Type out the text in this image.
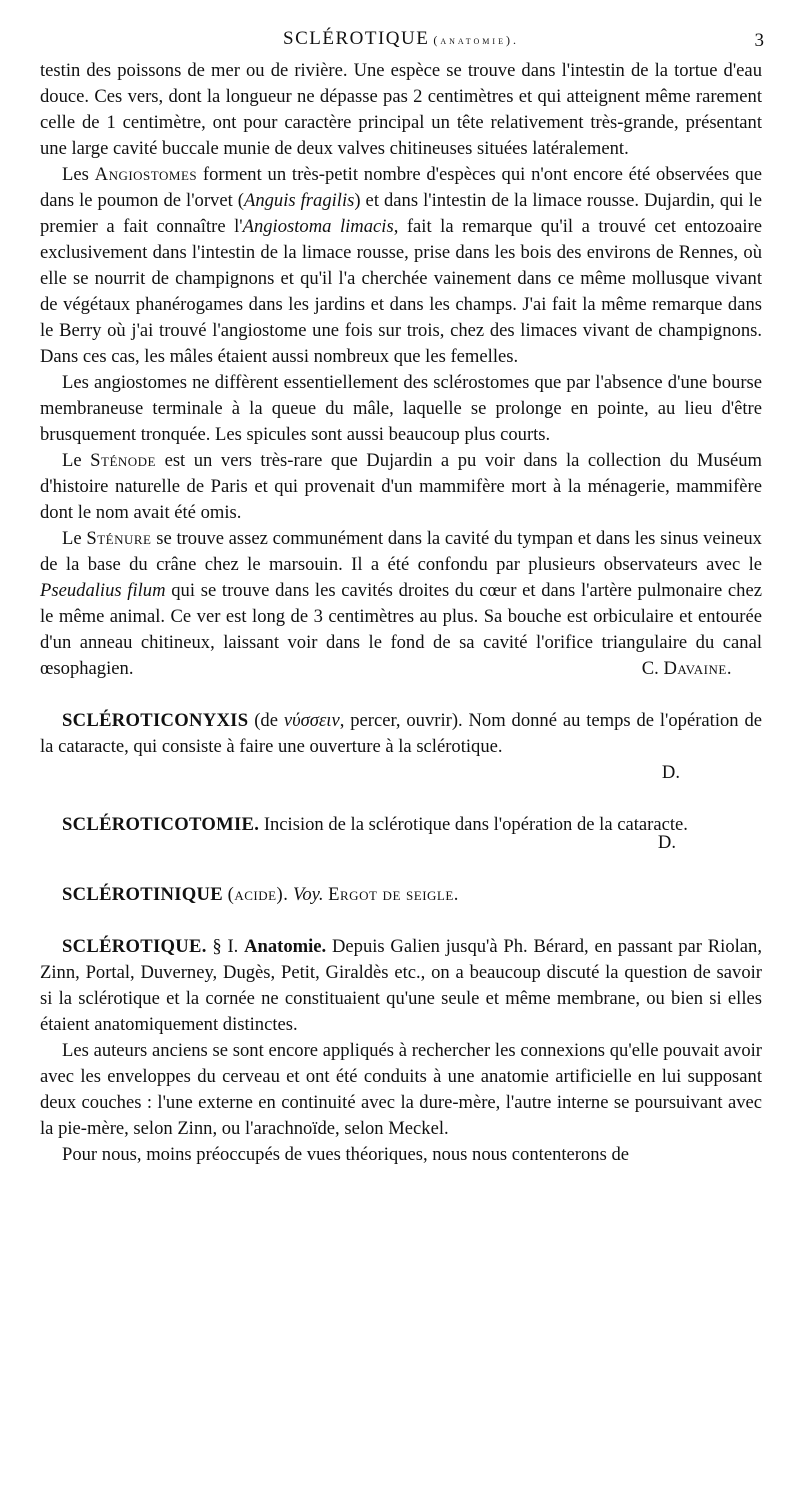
SCLÉROTIQUE (anatomie).	3

testin des poissons de mer ou de rivière. Une espèce se trouve dans l'intestin de la tortue d'eau douce. Ces vers, dont la longueur ne dépasse pas 2 centimètres et qui atteignent même rarement celle de 1 centimètre, ont pour caractère principal un tête relativement très-grande, présentant une large cavité buccale munie de deux valves chitineuses situées latéralement.

Les Angiostomes forment un très-petit nombre d'espèces qui n'ont encore été observées que dans le poumon de l'orvet (Anguis fragilis) et dans l'intestin de la limace rousse. Dujardin, qui le premier a fait connaître l'Angiostoma limacis, fait la remarque qu'il a trouvé cet entozoaire exclusivement dans l'intestin de la limace rousse, prise dans les bois des environs de Rennes, où elle se nourrit de champignons et qu'il l'a cherchée vainement dans ce même mollusque vivant de végétaux phanérogames dans les jardins et dans les champs. J'ai fait la même remarque dans le Berry où j'ai trouvé l'angiostome une fois sur trois, chez des limaces vivant de champignons. Dans ces cas, les mâles étaient aussi nombreux que les femelles.

Les angiostomes ne diffèrent essentiellement des sclérostomes que par l'absence d'une bourse membraneuse terminale à la queue du mâle, laquelle se prolonge en pointe, au lieu d'être brusquement tronquée. Les spicules sont aussi beaucoup plus courts.

Le Sténode est un vers très-rare que Dujardin a pu voir dans la collection du Muséum d'histoire naturelle de Paris et qui provenait d'un mammifère mort à la ménagerie, mammifère dont le nom avait été omis.

Le Sténure se trouve assez communément dans la cavité du tympan et dans les sinus veineux de la base du crâne chez le marsouin. Il a été confondu par plusieurs observateurs avec le Pseudalius filum qui se trouve dans les cavités droites du cœur et dans l'artère pulmonaire chez le même animal. Ce ver est long de 3 centimètres au plus. Sa bouche est orbiculaire et entourée d'un anneau chitineux, laissant voir dans le fond de sa cavité l'orifice triangulaire du canal œsophagien.	C. Davaine.

SCLÉROTICONYXIS (de νύσσειν, percer, ouvrir). Nom donné au temps de l'opération de la cataracte, qui consiste à faire une ouverture à la sclérotique.

D.

SCLÉROTICOTOMIE. Incision de la sclérotique dans l'opération de la cataracte.

D.

SCLÉROTINIQUE (acide). Voy. Ergot de seigle.

SCLÉROTIQUE. § I. Anatomie. Depuis Galien jusqu'à Ph. Bérard, en passant par Riolan, Zinn, Portal, Duverney, Dugès, Petit, Giraldès etc., on a beaucoup discuté la question de savoir si la sclérotique et la cornée ne constituaient qu'une seule et même membrane, ou bien si elles étaient anatomiquement distinctes.

Les auteurs anciens se sont encore appliqués à rechercher les connexions qu'elle pouvait avoir avec les enveloppes du cerveau et ont été conduits à une anatomie artificielle en lui supposant deux couches : l'une externe en continuité avec la dure-mère, l'autre interne se poursuivant avec la pie-mère, selon Zinn, ou l'arachnoïde, selon Meckel.

Pour nous, moins préoccupés de vues théoriques, nous nous contenterons de
